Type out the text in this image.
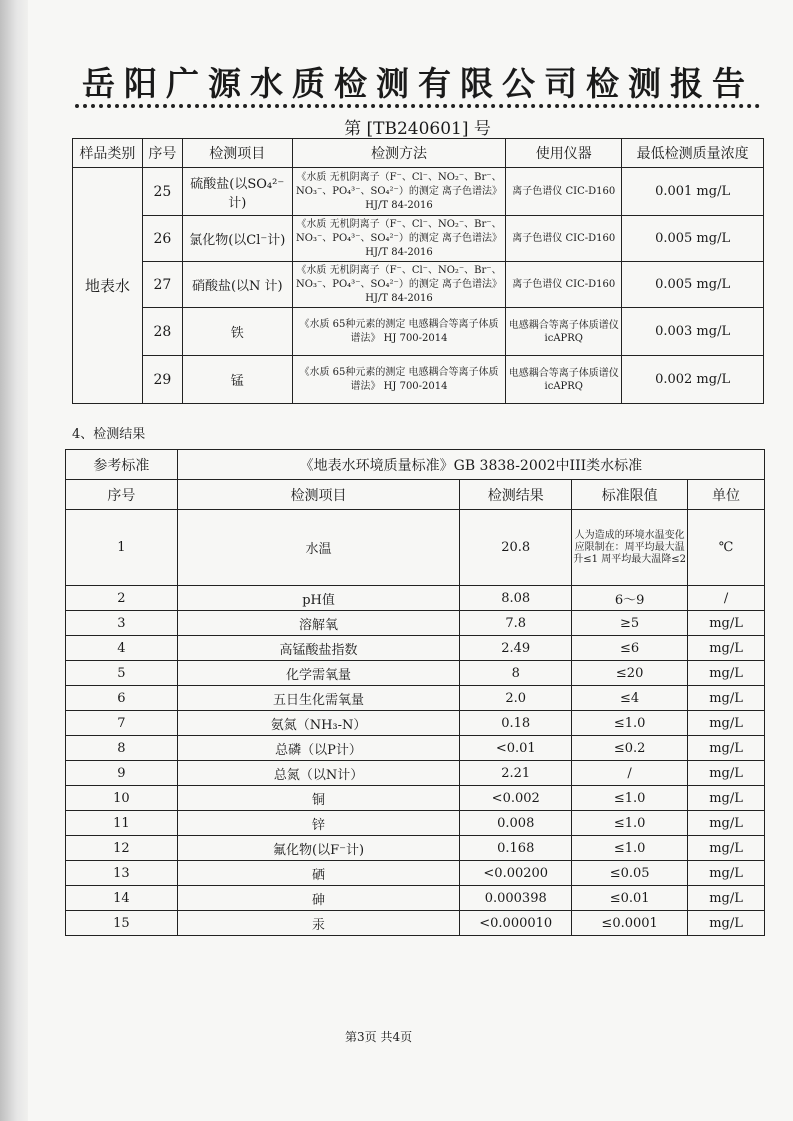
岳阳广源水质检测有限公司检测报告
第 [TB240601] 号
样品类别	序号	检测项目	检测方法	使用仪器	最低检测质量浓度
地表水	25	硫酸盐(以SO₄²⁻计)	《水质 无机阴离子（F⁻、Cl⁻、NO₂⁻、Br⁻、NO₃⁻、PO₄³⁻、SO₄²⁻）的测定 离子色谱法》HJ/T 84-2016	离子色谱仪 CIC-D160	0.001 mg/L
	26	氯化物(以Cl⁻计)	《水质 无机阴离子（F⁻、Cl⁻、NO₂⁻、Br⁻、NO₃⁻、PO₄³⁻、SO₄²⁻）的测定 离子色谱法》HJ/T 84-2016	离子色谱仪 CIC-D160	0.005 mg/L
	27	硝酸盐(以N 计)	《水质 无机阴离子（F⁻、Cl⁻、NO₂⁻、Br⁻、NO₃⁻、PO₄³⁻、SO₄²⁻）的测定 离子色谱法》HJ/T 84-2016	离子色谱仪 CIC-D160	0.005 mg/L
	28	铁	《水质 65种元素的测定 电感耦合等离子体质谱法》 HJ 700-2014	电感耦合等离子体质谱仪 icAPRQ	0.003 mg/L
	29	锰	《水质 65种元素的测定 电感耦合等离子体质谱法》 HJ 700-2014	电感耦合等离子体质谱仪 icAPRQ	0.002 mg/L
4、检测结果
参考标准	《地表水环境质量标准》GB 3838-2002中III类水标准			
序号	检测项目	检测结果	标准限值	单位
1	水温	20.8	人为造成的环境水温变化应限制在：周平均最大温升≤1 周平均最大温降≤2	℃
2	pH值	8.08	6～9	/
3	溶解氧	7.8	≥5	mg/L
4	高锰酸盐指数	2.49	≤6	mg/L
5	化学需氧量	8	≤20	mg/L
6	五日生化需氧量	2.0	≤4	mg/L
7	氨氮（NH₃-N）	0.18	≤1.0	mg/L
8	总磷（以P计）	<0.01	≤0.2	mg/L
9	总氮（以N计）	2.21	/	mg/L
10	铜	<0.002	≤1.0	mg/L
11	锌	0.008	≤1.0	mg/L
12	氟化物(以F⁻计)	0.168	≤1.0	mg/L
13	硒	<0.00200	≤0.05	mg/L
14	砷	0.000398	≤0.01	mg/L
15	汞	<0.000010	≤0.0001	mg/L
第3页 共4页
